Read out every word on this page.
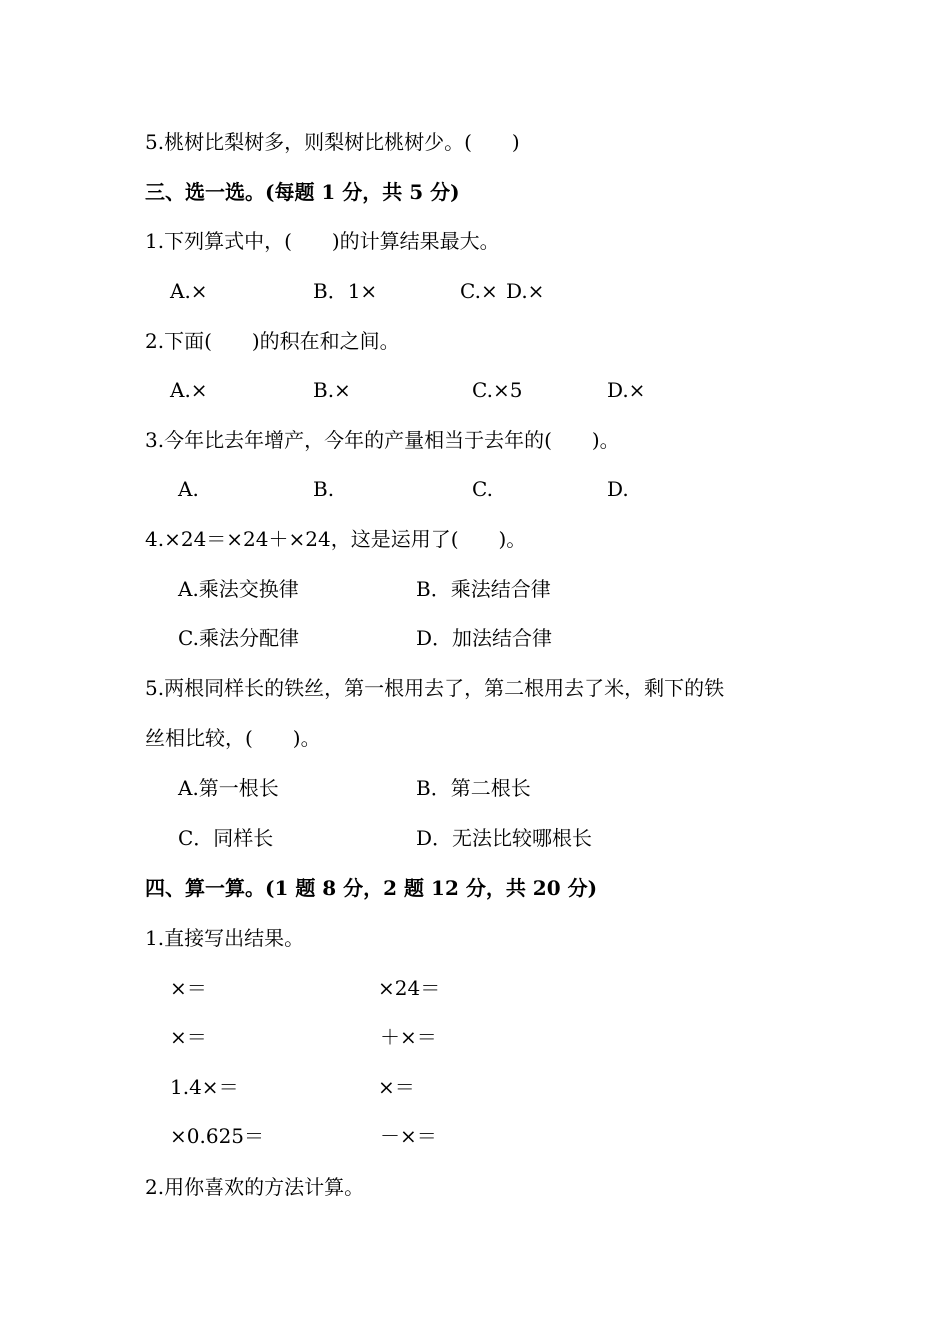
5.桃树比梨树多，则梨树比桃树少。(　　)
三、选一选。(每题 1 分，共 5 分)
1.下列算式中，(　　)的计算结果最大。
A.×	B．1×	C.× D.×
2.下面(　　)的积在和之间。
A.×	B.×	C.×5	D.×
3.今年比去年增产，今年的产量相当于去年的(　　)。
A.	B.	C.	D.
4.×24＝×24＋×24，这是运用了(　　)。
A.乘法交换律	B．乘法结合律
C.乘法分配律	D．加法结合律
5.两根同样长的铁丝，第一根用去了，第二根用去了米，剩下的铁
丝相比较，(　　)。
A.第一根长	B．第二根长
C．同样长	D．无法比较哪根长
四、算一算。(1 题 8 分，2 题 12 分，共 20 分)
1.直接写出结果。
×＝	×24＝
×＝	＋×＝
1.4×＝	×＝
×0.625＝	－×＝
2.用你喜欢的方法计算。
